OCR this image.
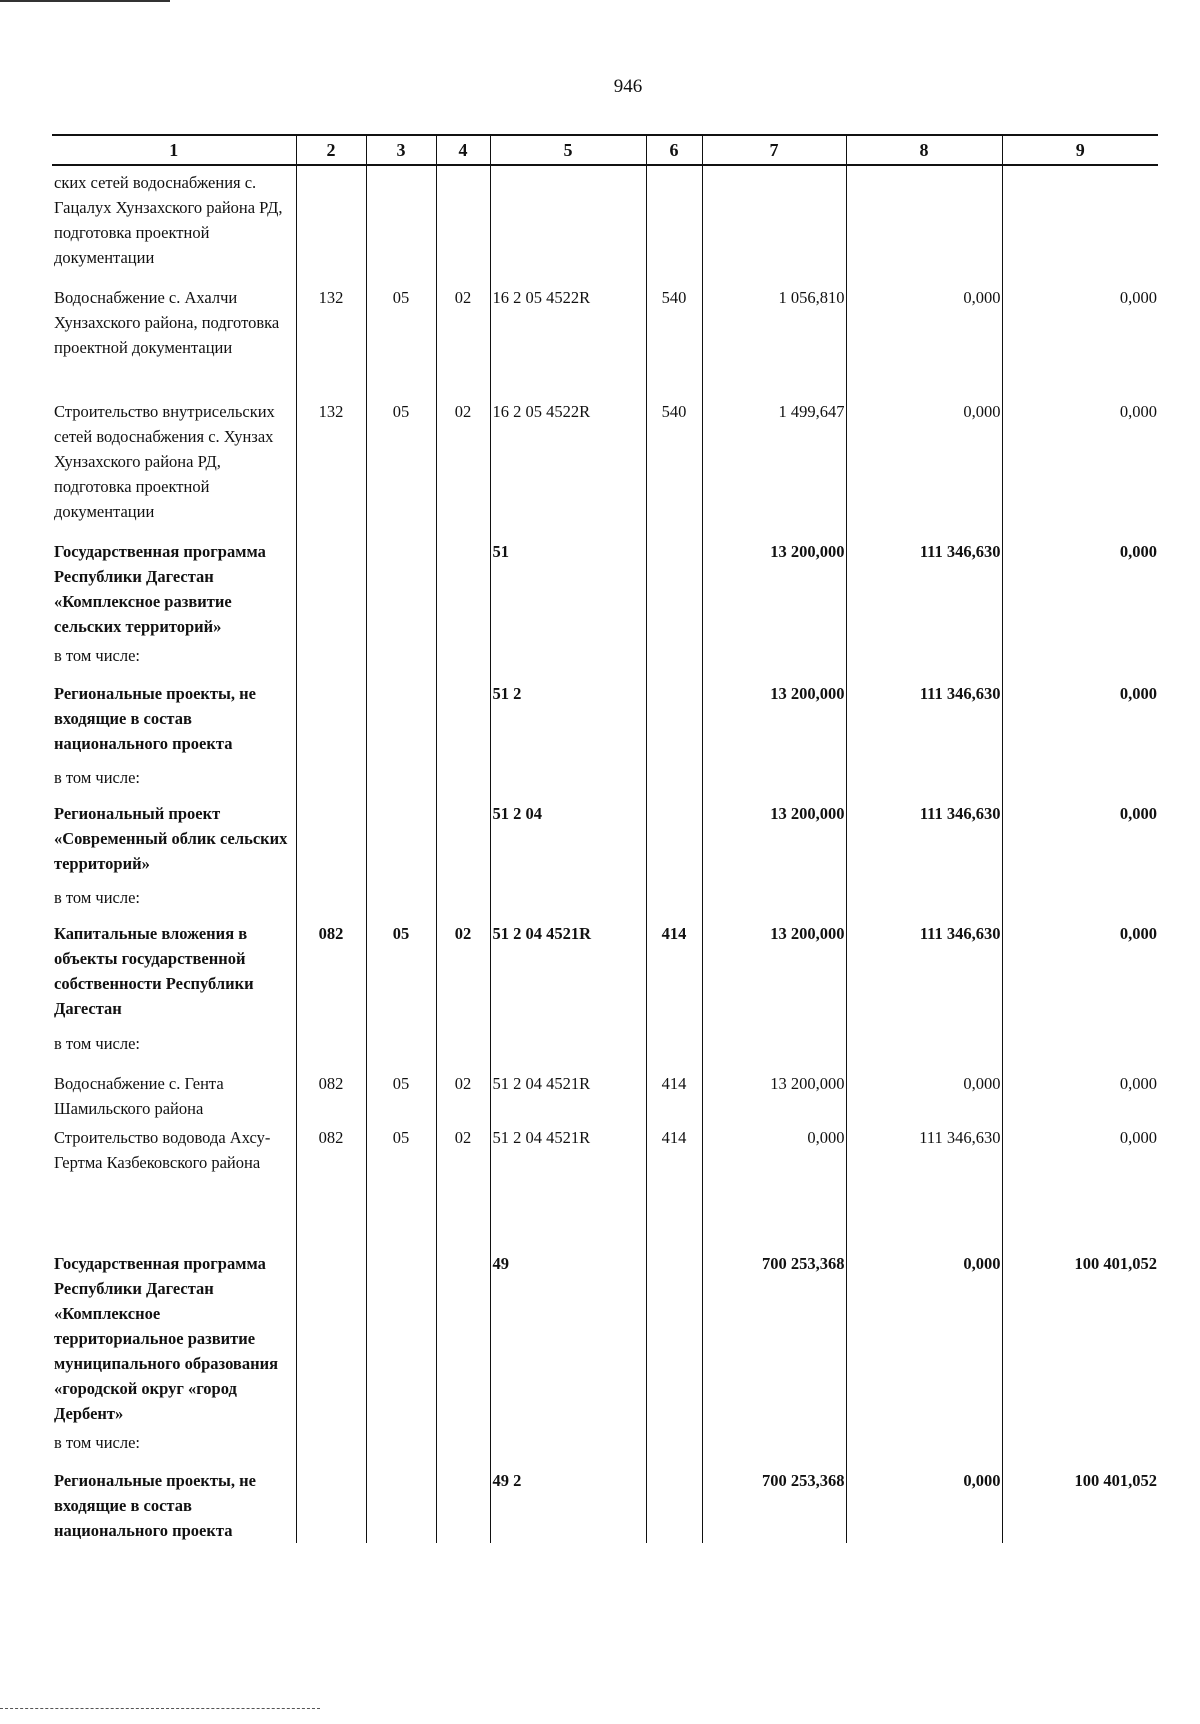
946
1	2	3	4	5	6	7	8	9
ских сетей водоснабжения с. Гацалух Хунзахского района РД, подготовка проектной документации								
Водоснабжение с. Ахалчи Хунзахского района, подготовка проектной документации	132	05	02	16 2 05 4522R	540	1 056,810	0,000	0,000
Строительство внутрисельских сетей водоснабжения с. Хунзах Хунзахского района РД, подготовка проектной документации	132	05	02	16 2 05 4522R	540	1 499,647	0,000	0,000
Государственная программа Республики Дагестан «Комплексное развитие сельских территорий»				51		13 200,000	111 346,630	0,000
в том числе:								
Региональные проекты, не входящие в состав национального проекта				51 2		13 200,000	111 346,630	0,000
в том числе:								
Региональный проект «Современный облик сельских территорий»				51 2 04		13 200,000	111 346,630	0,000
в том числе:								
Капитальные вложения в объекты государственной собственности Республики Дагестан	082	05	02	51 2 04 4521R	414	13 200,000	111 346,630	0,000
в том числе:								
Водоснабжение с. Гента Шамильского района	082	05	02	51 2 04 4521R	414	13 200,000	0,000	0,000
Строительство водовода Ахсу-Гертма Казбековского района	082	05	02	51 2 04 4521R	414	0,000	111 346,630	0,000
Государственная программа Республики Дагестан «Комплексное территориальное развитие муниципального образования «городской округ «город Дербент»				49		700 253,368	0,000	100 401,052
в том числе:								
Региональные проекты, не входящие в состав национального проекта				49 2		700 253,368	0,000	100 401,052
